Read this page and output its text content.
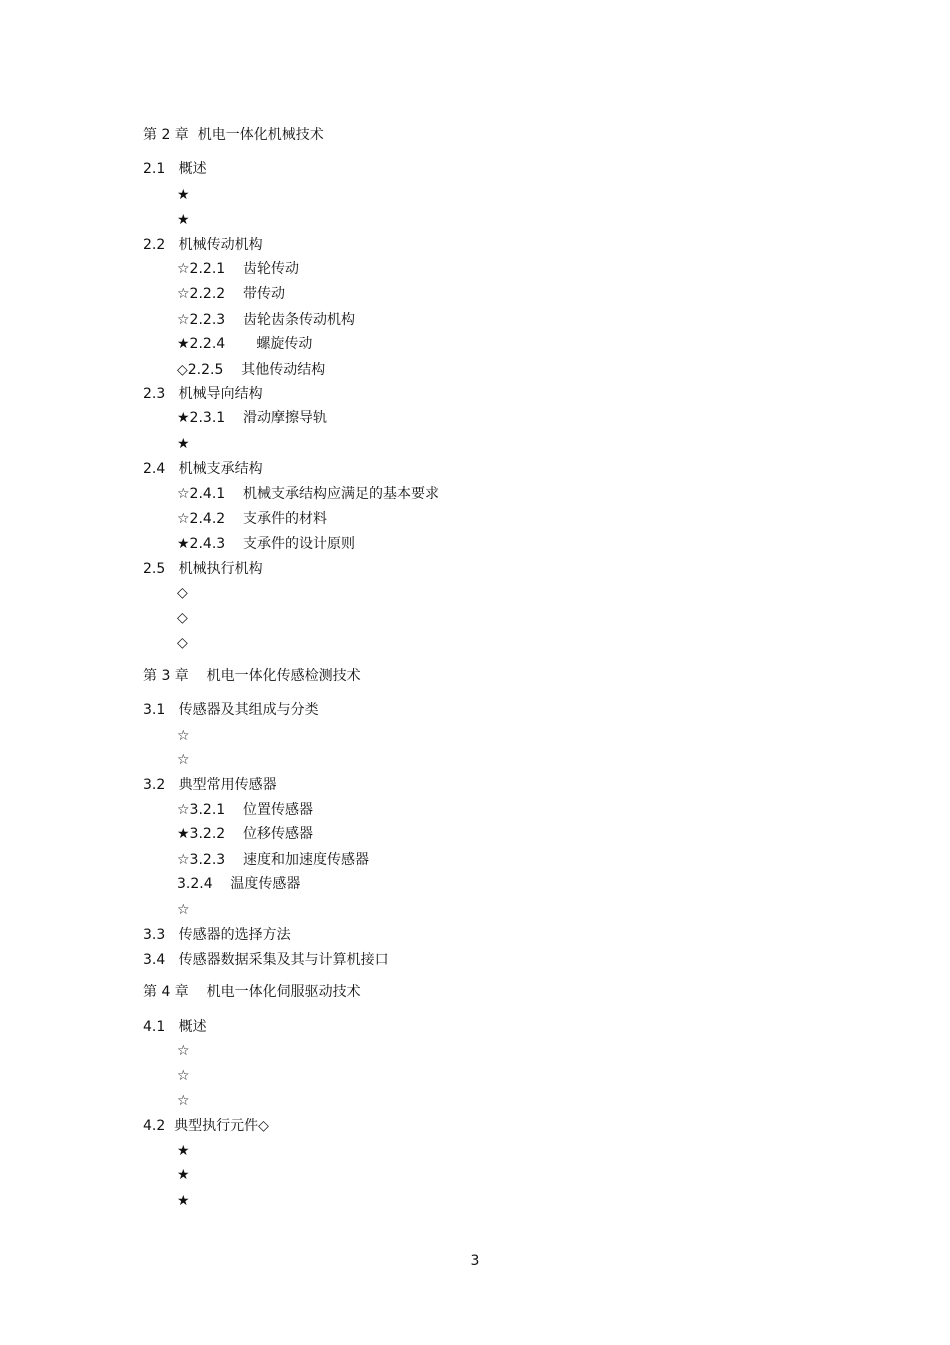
第 2 章  机电一体化机械技术
2.1   概述
★
★
2.2   机械传动机构
☆2.2.1    齿轮传动
☆2.2.2    带传动
☆2.2.3    齿轮齿条传动机构
★2.2.4       螺旋传动
◇2.2.5    其他传动结构
2.3   机械导向结构
★2.3.1    滑动摩擦导轨
★
2.4   机械支承结构
☆2.4.1    机械支承结构应满足的基本要求
☆2.4.2    支承件的材料
★2.4.3    支承件的设计原则
2.5   机械执行机构
◇
◇
◇
第 3 章    机电一体化传感检测技术
3.1   传感器及其组成与分类
☆
☆
3.2   典型常用传感器
☆3.2.1    位置传感器
★3.2.2    位移传感器
☆3.2.3    速度和加速度传感器
3.2.4    温度传感器
☆
3.3   传感器的选择方法
3.4   传感器数据采集及其与计算机接口
第 4 章    机电一体化伺服驱动技术
4.1   概述
☆
☆
☆
4.2  典型执行元件◇
★
★
★
3
